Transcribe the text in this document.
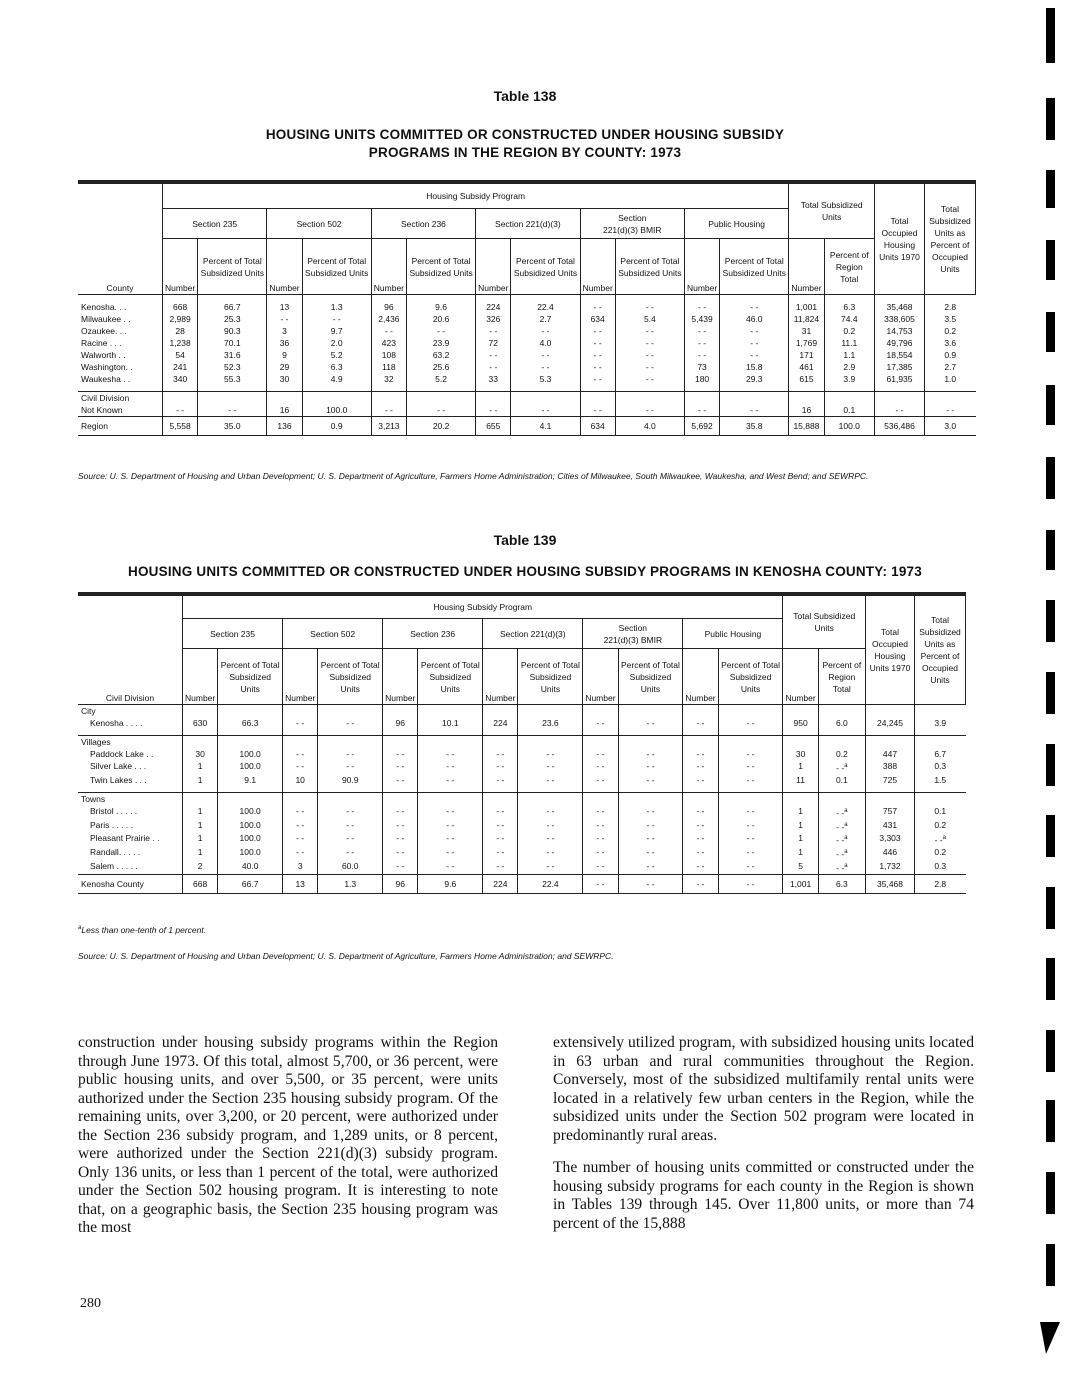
Table 138
HOUSING UNITS COMMITTED OR CONSTRUCTED UNDER HOUSING SUBSIDY
PROGRAMS IN THE REGION BY COUNTY: 1973
County	Housing Subsidy Program												Total Subsidized Units		Total Occupied Housing Units 1970	Total Subsidized Units as Percent of Occupied Units
	Section 235		Section 502		Section 236		Section 221(d)(3)		Section
221(d)(3) BMIR		Public Housing					
	Number	Percent of Total Subsidized Units	Number	Percent of Total Subsidized Units	Number	Percent of Total Subsidized Units	Number	Percent of Total Subsidized Units	Number	Percent of Total Subsidized Units	Number	Percent of Total Subsidized Units	Number	Percent of Region Total		

Kenosha. . .	668	66.7	13	1.3	96	9.6	224	22.4	- -	- -	- -	- -	1,001	6.3	35,468	2.8
Milwaukee . .	2,989	25.3	- -	- -	2,436	20.6	326	2.7	634	5.4	5,439	46.0	11,824	74.4	338,605	3.5
Ozaukee. . .	28	90.3	3	9.7	- -	- -	- -	- -	- -	- -	- -	- -	31	0.2	14,753	0.2
Racine . . .	1,238	70.1	36	2.0	423	23.9	72	4.0	- -	- -	- -	- -	1,769	11.1	49,796	3.6
Walworth . .	54	31.6	9	5.2	108	63.2	- -	- -	- -	- -	- -	- -	171	1.1	18,554	0.9
Washington. .	241	52.3	29	6.3	118	25.6	- -	- -	- -	- -	73	15.8	461	2.9	17,385	2.7
Waukesha . .	340	55.3	30	4.9	32	5.2	33	5.3	- -	- -	180	29.3	615	3.9	61,935	1.0

Civil Division																
Not Known	- -	- -	16	100.0	- -	- -	- -	- -	- -	- -	- -	- -	16	0.1	- -	- -
Region	5,558	35.0	136	0.9	3,213	20.2	655	4.1	634	4.0	5,692	35.8	15,888	100.0	536,486	3.0
Source: U. S. Department of Housing and Urban Development; U. S. Department of Agriculture, Farmers Home Administration; Cities of Milwaukee, South Milwaukee, Waukesha, and West Bend; and SEWRPC.
Table 139
HOUSING UNITS COMMITTED OR CONSTRUCTED UNDER HOUSING SUBSIDY PROGRAMS IN KENOSHA COUNTY: 1973
Civil Division	Housing Subsidy Program												Total Subsidized Units		Total Occupied Housing Units 1970	Total Subsidized Units as Percent of Occupied Units
	Section 235		Section 502		Section 236		Section 221(d)(3)		Section
221(d)(3) BMIR		Public Housing					
	Number	Percent of Total Subsidized Units	Number	Percent of Total Subsidized Units	Number	Percent of Total Subsidized Units	Number	Percent of Total Subsidized Units	Number	Percent of Total Subsidized Units	Number	Percent of Total Subsidized Units	Number	Percent of Region Total		
City																
Kenosha . . . .	630	66.3	- -	- -	96	10.1	224	23.6	- -	- -	- -	- -	950	6.0	24,245	3.9

Villages																
Paddock Lake . .	30	100.0	- -	- -	- -	- -	- -	- -	- -	- -	- -	- -	30	0.2	447	6.7
Silver Lake . . .	1	100.0	- -	- -	- -	- -	- -	- -	- -	- -	- -	- -	1	- -$^a$	388	0.3
Twin Lakes . . .	1	9.1	10	90.9	- -	- -	- -	- -	- -	- -	- -	- -	11	0.1	725	1.5

Towns																
Bristol . . . . .	1	100.0	- -	- -	- -	- -	- -	- -	- -	- -	- -	- -	1	- -$^a$	757	0.1
Paris . . . . .	1	100.0	- -	- -	- -	- -	- -	- -	- -	- -	- -	- -	1	- -$^a$	431	0.2
Pleasant Prairie . .	1	100.0	- -	- -	- -	- -	- -	- -	- -	- -	- -	- -	1	- -$^a$	3,303	- -$^a$
Randall. . . . .	1	100.0	- -	- -	- -	- -	- -	- -	- -	- -	- -	- -	1	- -$^a$	446	0.2
Salem . . . . .	2	40.0	3	60.0	- -	- -	- -	- -	- -	- -	- -	- -	5	- -$^a$	1,732	0.3
Kenosha County	668	66.7	13	1.3	96	9.6	224	22.4	- -	- -	- -	- -	1,001	6.3	35,468	2.8
$^a$Less than one-tenth of 1 percent.
Source: U. S. Department of Housing and Urban Development; U. S. Department of Agriculture, Farmers Home Administration; and SEWRPC.

construction under housing subsidy programs within the Region through June 1973. Of this total, almost 5,700, or 36 percent, were public housing units, and over 5,500, or 35 percent, were units authorized under the Section 235 housing subsidy program. Of the remaining units, over 3,200, or 20 percent, were authorized under the Section 236 subsidy program, and 1,289 units, or 8 percent, were authorized under the Section 221(d)(3) subsidy program. Only 136 units, or less than 1 percent of the total, were authorized under the Section 502 housing program. It is interesting to note that, on a geographic basis, the Section 235 housing program was the most

extensively utilized program, with subsidized housing units located in 63 urban and rural communities throughout the Region. Conversely, most of the subsidized multifamily rental units were located in a relatively few urban centers in the Region, while the subsidized units under the Section 502 program were located in predominantly rural areas.

The number of housing units committed or constructed under the housing subsidy programs for each county in the Region is shown in Tables 139 through 145. Over 11,800 units, or more than 74 percent of the 15,888

280
